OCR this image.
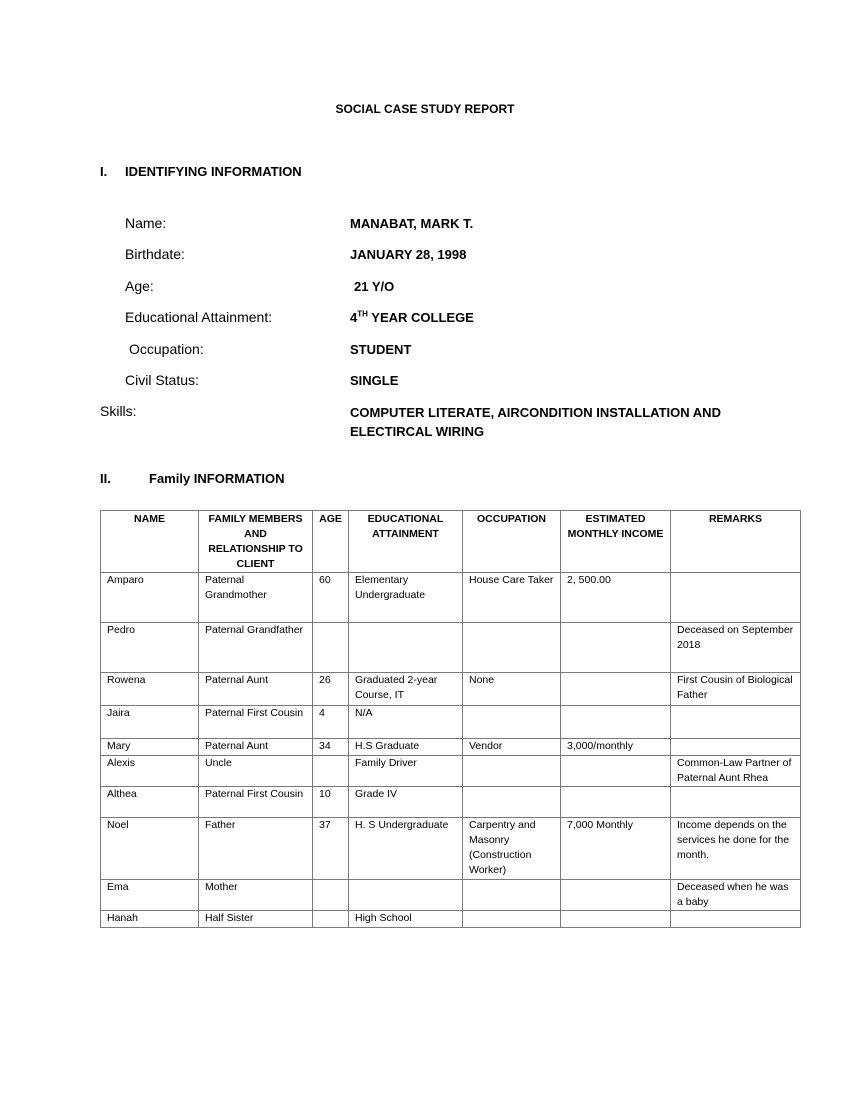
SOCIAL CASE STUDY REPORT
I. IDENTIFYING INFORMATION
Name:	MANABAT, MARK T.
Birthdate:	JANUARY 28, 1998
Age:	21 Y/O
Educational Attainment:	4TH YEAR COLLEGE
Occupation:	STUDENT
Civil Status:	SINGLE
Skills:	COMPUTER LITERATE, AIRCONDITION INSTALLATION AND ELECTIRCAL WIRING
II.	Family INFORMATION
NAME	FAMILY MEMBERS AND RELATIONSHIP TO CLIENT	AGE	EDUCATIONAL ATTAINMENT	OCCUPATION	ESTIMATED MONTHLY INCOME	REMARKS
Amparo	Paternal Grandmother	60	Elementary Undergraduate	House Care Taker	2, 500.00	
Pedro	Paternal Grandfather					Deceased on September 2018
Rowena	Paternal Aunt	26	Graduated 2-year Course, IT	None		First Cousin of Biological Father
Jaira	Paternal First Cousin	4	N/A			
Mary	Paternal Aunt	34	H.S Graduate	Vendor	3,000/monthly	
Alexis	Uncle		Family Driver			Common-Law Partner of Paternal Aunt Rhea
Althea	Paternal First Cousin	10	Grade IV			
Noel	Father	37	H. S Undergraduate	Carpentry and Masonry (Construction Worker)	7,000 Monthly	Income depends on the services he done for the month.
Ema	Mother					Deceased when he was a baby
Hanah	Half Sister		High School			
